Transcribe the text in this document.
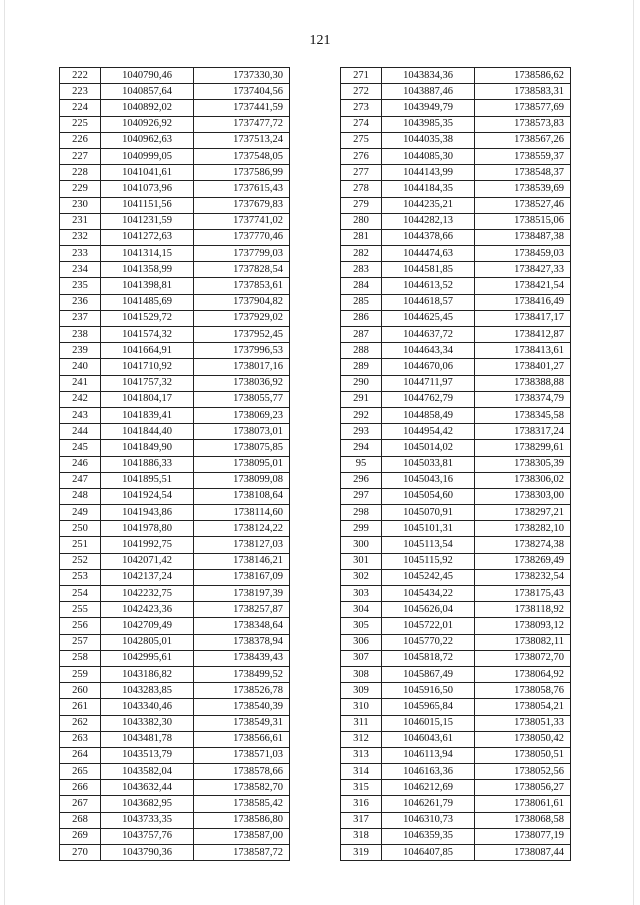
121
222	1040790,46	1737330,30
223	1040857,64	1737404,56
224	1040892,02	1737441,59
225	1040926,92	1737477,72
226	1040962,63	1737513,24
227	1040999,05	1737548,05
228	1041041,61	1737586,99
229	1041073,96	1737615,43
230	1041151,56	1737679,83
231	1041231,59	1737741,02
232	1041272,63	1737770,46
233	1041314,15	1737799,03
234	1041358,99	1737828,54
235	1041398,81	1737853,61
236	1041485,69	1737904,82
237	1041529,72	1737929,02
238	1041574,32	1737952,45
239	1041664,91	1737996,53
240	1041710,92	1738017,16
241	1041757,32	1738036,92
242	1041804,17	1738055,77
243	1041839,41	1738069,23
244	1041844,40	1738073,01
245	1041849,90	1738075,85
246	1041886,33	1738095,01
247	1041895,51	1738099,08
248	1041924,54	1738108,64
249	1041943,86	1738114,60
250	1041978,80	1738124,22
251	1041992,75	1738127,03
252	1042071,42	1738146,21
253	1042137,24	1738167,09
254	1042232,75	1738197,39
255	1042423,36	1738257,87
256	1042709,49	1738348,64
257	1042805,01	1738378,94
258	1042995,61	1738439,43
259	1043186,82	1738499,52
260	1043283,85	1738526,78
261	1043340,46	1738540,39
262	1043382,30	1738549,31
263	1043481,78	1738566,61
264	1043513,79	1738571,03
265	1043582,04	1738578,66
266	1043632,44	1738582,70
267	1043682,95	1738585,42
268	1043733,35	1738586,80
269	1043757,76	1738587,00
270	1043790,36	1738587,72
271	1043834,36	1738586,62
272	1043887,46	1738583,31
273	1043949,79	1738577,69
274	1043985,35	1738573,83
275	1044035,38	1738567,26
276	1044085,30	1738559,37
277	1044143,99	1738548,37
278	1044184,35	1738539,69
279	1044235,21	1738527,46
280	1044282,13	1738515,06
281	1044378,66	1738487,38
282	1044474,63	1738459,03
283	1044581,85	1738427,33
284	1044613,52	1738421,54
285	1044618,57	1738416,49
286	1044625,45	1738417,17
287	1044637,72	1738412,87
288	1044643,34	1738413,61
289	1044670,06	1738401,27
290	1044711,97	1738388,88
291	1044762,79	1738374,79
292	1044858,49	1738345,58
293	1044954,42	1738317,24
294	1045014,02	1738299,61
95	1045033,81	1738305,39
296	1045043,16	1738306,02
297	1045054,60	1738303,00
298	1045070,91	1738297,21
299	1045101,31	1738282,10
300	1045113,54	1738274,38
301	1045115,92	1738269,49
302	1045242,45	1738232,54
303	1045434,22	1738175,43
304	1045626,04	1738118,92
305	1045722,01	1738093,12
306	1045770,22	1738082,11
307	1045818,72	1738072,70
308	1045867,49	1738064,92
309	1045916,50	1738058,76
310	1045965,84	1738054,21
311	1046015,15	1738051,33
312	1046043,61	1738050,42
313	1046113,94	1738050,51
314	1046163,36	1738052,56
315	1046212,69	1738056,27
316	1046261,79	1738061,61
317	1046310,73	1738068,58
318	1046359,35	1738077,19
319	1046407,85	1738087,44
